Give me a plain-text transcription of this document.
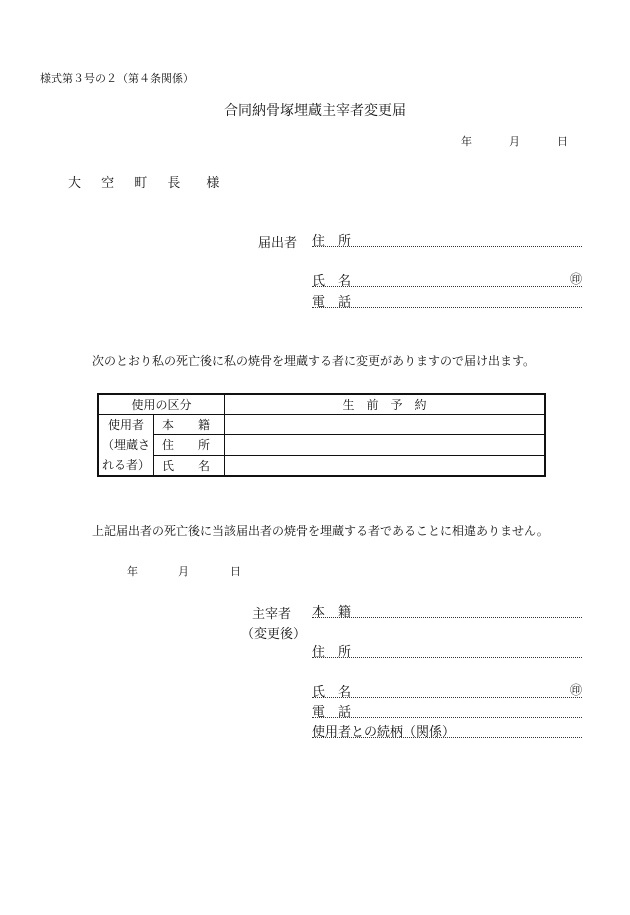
様式第３号の２（第４条関係）
合同納骨塚埋蔵主宰者変更届
年	月	日
大 空 町 長 様
届出者 住　所
氏　名	㊞
電　話
次のとおり私の死亡後に私の焼骨を埋蔵する者に変更がありますので届け出ます。
使用の区分		生　前　予　約

使用者
（埋蔵さ
れる者）	本　籍	
	住　所	
	氏　名	
上記届出者の死亡後に当該届出者の焼骨を埋蔵する者であることに相違ありません。
年	月	日
主宰者
（変更後）
本　籍
住　所
氏　名	㊞
電　話
使用者との続柄（関係）
